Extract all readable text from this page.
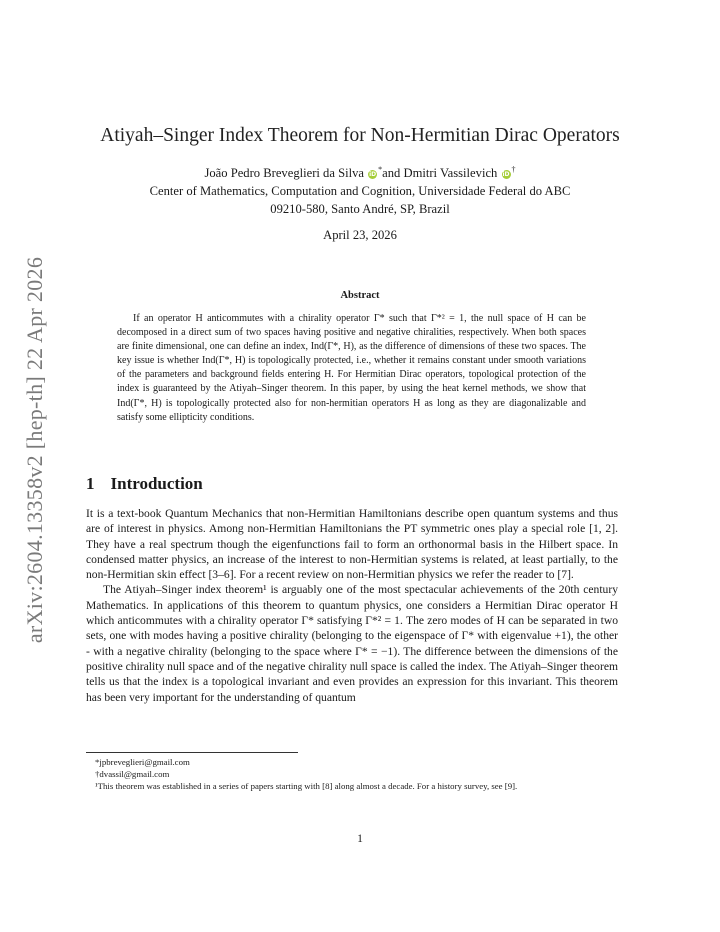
arXiv:2604.13358v2 [hep-th] 22 Apr 2026
Atiyah–Singer Index Theorem for Non-Hermitian Dirac Operators
João Pedro Breveglieri da Silva iD*and Dmitri Vassilevich iD†
Center of Mathematics, Computation and Cognition, Universidade Federal do ABC
09210-580, Santo André, SP, Brazil
April 23, 2026
Abstract

If an operator H anticommutes with a chirality operator Γ* such that Γ*² = 1, the null space of H can be decomposed in a direct sum of two spaces having positive and negative chiralities, respectively. When both spaces are finite dimensional, one can define an index, Ind(Γ*, H), as the difference of dimensions of these two spaces. The key issue is whether Ind(Γ*, H) is topologically protected, i.e., whether it remains constant under smooth variations of the parameters and background fields entering H. For Hermitian Dirac operators, topological protection of the index is guaranteed by the Atiyah–Singer theorem. In this paper, by using the heat kernel methods, we show that Ind(Γ*, H) is topologically protected also for non-hermitian operators H as long as they are diagonalizable and satisfy some ellipticity conditions.

1 Introduction

It is a text-book Quantum Mechanics that non-Hermitian Hamiltonians describe open quantum systems and thus are of interest in physics. Among non-Hermitian Hamiltonians the PT symmetric ones play a special role [1, 2]. They have a real spectrum though the eigenfunctions fail to form an orthonormal basis in the Hilbert space. In condensed matter physics, an increase of the interest to non-Hermitian systems is related, at least partially, to the non-Hermitian skin effect [3–6]. For a recent review on non-Hermitian physics we refer the reader to [7].

The Atiyah–Singer index theorem¹ is arguably one of the most spectacular achievements of the 20th century Mathematics. In applications of this theorem to quantum physics, one considers a Hermitian Dirac operator H which anticommutes with a chirality operator Γ* satisfying Γ*² = 1. The zero modes of H can be separated in two sets, one with modes having a positive chirality (belonging to the eigenspace of Γ* with eigenvalue +1), the other - with a negative chirality (belonging to the space where Γ* = −1). The difference between the dimensions of the positive chirality null space and of the negative chirality null space is called the index. The Atiyah–Singer theorem tells us that the index is a topological invariant and even provides an expression for this invariant. This theorem has been very important for the understanding of quantum

*jpbreveglieri@gmail.com

†dvassil@gmail.com

¹This theorem was established in a series of papers starting with [8] along almost a decade. For a history survey, see [9].

1
